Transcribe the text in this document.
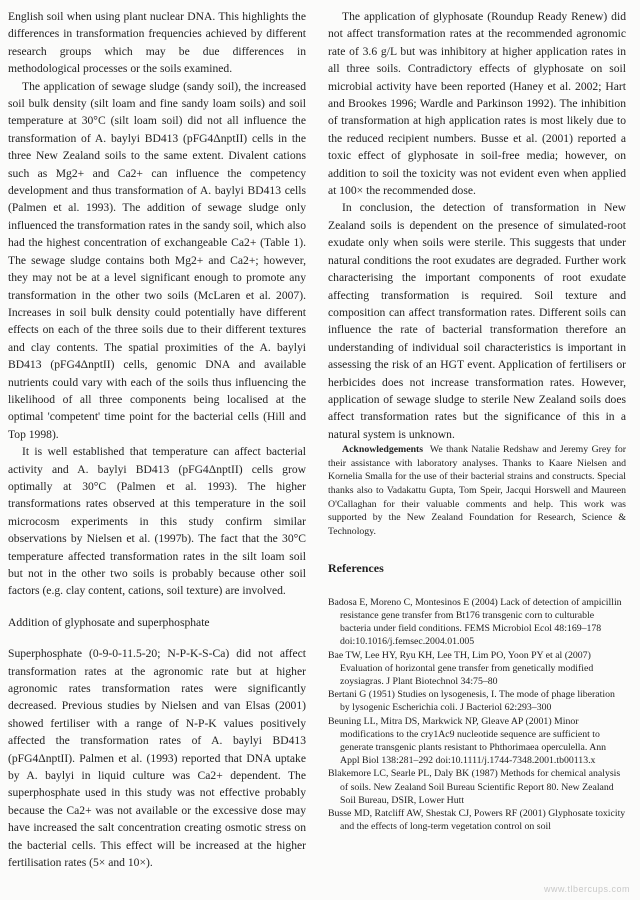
English soil when using plant nuclear DNA. This highlights the differences in transformation frequencies achieved by different research groups which may be due differences in methodological processes or the soils examined.

The application of sewage sludge (sandy soil), the increased soil bulk density (silt loam and fine sandy loam soils) and soil temperature at 30°C (silt loam soil) did not all influence the transformation of A. baylyi BD413 (pFG4ΔnptII) cells in the three New Zealand soils to the same extent. Divalent cations such as Mg2+ and Ca2+ can influence the competency development and thus transformation of A. baylyi BD413 cells (Palmen et al. 1993). The addition of sewage sludge only influenced the transformation rates in the sandy soil, which also had the highest concentration of exchangeable Ca2+ (Table 1). The sewage sludge contains both Mg2+ and Ca2+; however, they may not be at a level significant enough to promote any transformation in the other two soils (McLaren et al. 2007). Increases in soil bulk density could potentially have different effects on each of the three soils due to their different textures and clay contents. The spatial proximities of the A. baylyi BD413 (pFG4ΔnptII) cells, genomic DNA and available nutrients could vary with each of the soils thus influencing the likelihood of all three components being localised at the optimal 'competent' time point for the bacterial cells (Hill and Top 1998).

It is well established that temperature can affect bacterial activity and A. baylyi BD413 (pFG4ΔnptII) cells grow optimally at 30°C (Palmen et al. 1993). The higher transformations rates observed at this temperature in the soil microcosm experiments in this study confirm similar observations by Nielsen et al. (1997b). The fact that the 30°C temperature affected transformation rates in the silt loam soil but not in the other two soils is probably because other soil factors (e.g. clay content, cations, soil texture) are involved.

Addition of glyphosate and superphosphate

Superphosphate (0-9-0-11.5-20; N-P-K-S-Ca) did not affect transformation rates at the agronomic rate but at higher agronomic rates transformation rates were significantly decreased. Previous studies by Nielsen and van Elsas (2001) showed fertiliser with a range of N-P-K values positively affected the transformation rates of A. baylyi BD413 (pFG4ΔnptII). Palmen et al. (1993) reported that DNA uptake by A. baylyi in liquid culture was Ca2+ dependent. The superphosphate used in this study was not effective probably because the Ca2+ was not available or the excessive dose may have increased the salt concentration creating osmotic stress on the bacterial cells. This effect will be increased at the higher fertilisation rates (5× and 10×).

The application of glyphosate (Roundup Ready Renew) did not affect transformation rates at the recommended agronomic rate of 3.6 g/L but was inhibitory at higher application rates in all three soils. Contradictory effects of glyphosate on soil microbial activity have been reported (Haney et al. 2002; Hart and Brookes 1996; Wardle and Parkinson 1992). The inhibition of transformation at high application rates is most likely due to the reduced recipient numbers. Busse et al. (2001) reported a toxic effect of glyphosate in soil-free media; however, on addition to soil the toxicity was not evident even when applied at 100× the recommended dose.

In conclusion, the detection of transformation in New Zealand soils is dependent on the presence of simulated-root exudate only when soils were sterile. This suggests that under natural conditions the root exudates are degraded. Further work characterising the important components of root exudate affecting transformation is required. Soil texture and composition can affect transformation rates. Different soils can influence the rate of bacterial transformation therefore an understanding of individual soil characteristics is important in assessing the risk of an HGT event. Application of fertilisers or herbicides does not increase transformation rates. However, application of sewage sludge to sterile New Zealand soils does affect transformation rates but the significance of this in a natural system is unknown.

Acknowledgements We thank Natalie Redshaw and Jeremy Grey for their assistance with laboratory analyses. Thanks to Kaare Nielsen and Kornelia Smalla for the use of their bacterial strains and constructs. Special thanks also to Vadakattu Gupta, Tom Speir, Jacqui Horswell and Maureen O'Callaghan for their valuable comments and help. This work was supported by the New Zealand Foundation for Research, Science & Technology.

References

Badosa E, Moreno C, Montesinos E (2004) Lack of detection of ampicillin resistance gene transfer from Bt176 transgenic corn to culturable bacteria under field conditions. FEMS Microbiol Ecol 48:169–178 doi:10.1016/j.femsec.2004.01.005

Bae TW, Lee HY, Ryu KH, Lee TH, Lim PO, Yoon PY et al (2007) Evaluation of horizontal gene transfer from genetically modified zoysiagras. J Plant Biotechnol 34:75–80

Bertani G (1951) Studies on lysogenesis, I. The mode of phage liberation by lysogenic Escherichia coli. J Bacteriol 62:293–300

Beuning LL, Mitra DS, Markwick NP, Gleave AP (2001) Minor modifications to the cry1Ac9 nucleotide sequence are sufficient to generate transgenic plants resistant to Phthorimaea operculella. Ann Appl Biol 138:281–292 doi:10.1111/j.1744-7348.2001.tb00113.x

Blakemore LC, Searle PL, Daly BK (1987) Methods for chemical analysis of soils. New Zealand Soil Bureau Scientific Report 80. New Zealand Soil Bureau, DSIR, Lower Hutt

Busse MD, Ratcliff AW, Shestak CJ, Powers RF (2001) Glyphosate toxicity and the effects of long-term vegetation control on soil

www.tlbercups.com
